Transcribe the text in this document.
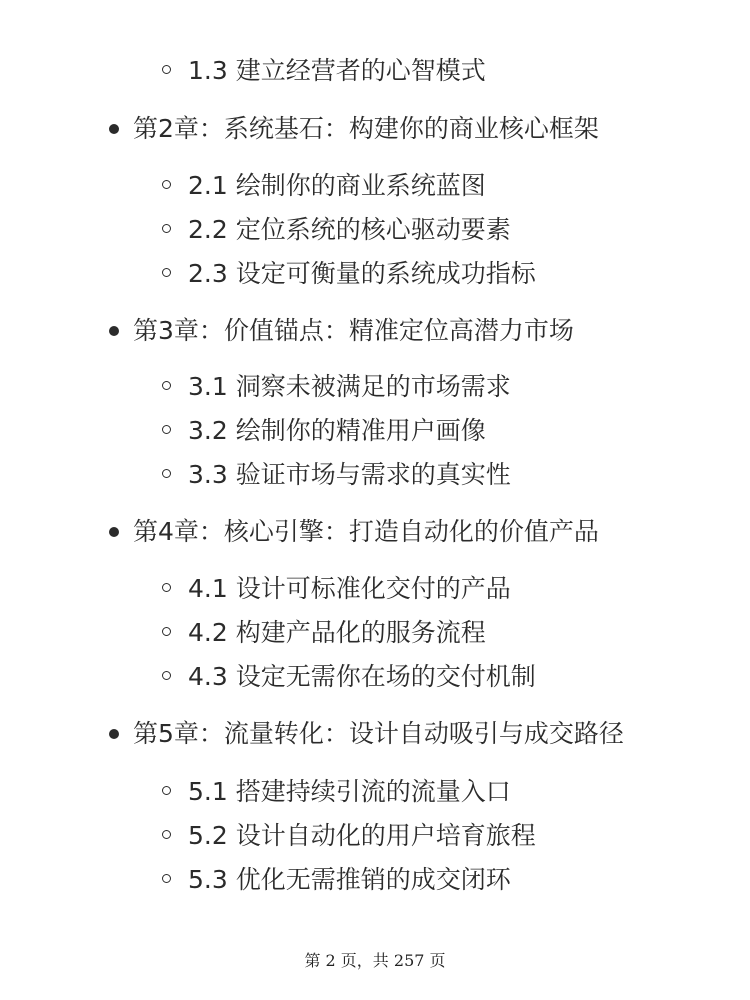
1.3 建立经营者的心智模式
第2章：系统基石：构建你的商业核心框架
2.1 绘制你的商业系统蓝图
2.2 定位系统的核心驱动要素
2.3 设定可衡量的系统成功指标
第3章：价值锚点：精准定位高潜力市场
3.1 洞察未被满足的市场需求
3.2 绘制你的精准用户画像
3.3 验证市场与需求的真实性
第4章：核心引擎：打造自动化的价值产品
4.1 设计可标准化交付的产品
4.2 构建产品化的服务流程
4.3 设定无需你在场的交付机制
第5章：流量转化：设计自动吸引与成交路径
5.1 搭建持续引流的流量入口
5.2 设计自动化的用户培育旅程
5.3 优化无需推销的成交闭环
第 2 页，共 257 页
